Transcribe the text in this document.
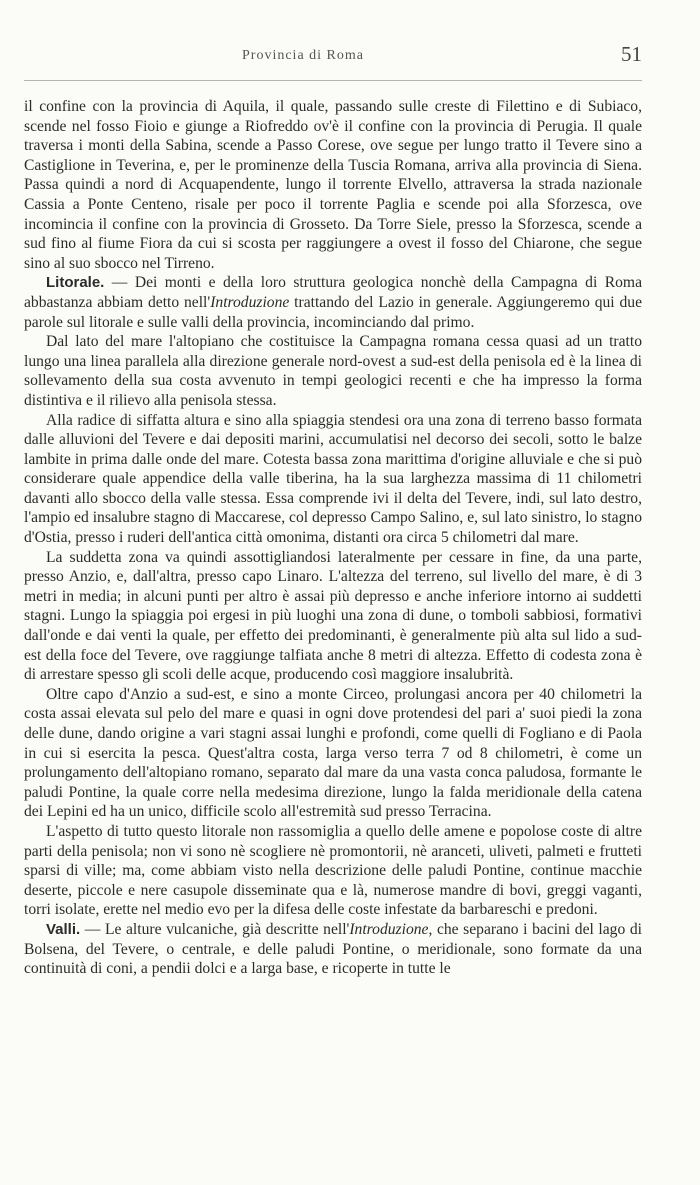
Provincia di Roma	51

il confine con la provincia di Aquila, il quale, passando sulle creste di Filettino e di Subiaco, scende nel fosso Fioio e giunge a Riofreddo ov'è il confine con la provincia di Perugia. Il quale traversa i monti della Sabina, scende a Passo Corese, ove segue per lungo tratto il Tevere sino a Castiglione in Teverina, e, per le prominenze della Tuscia Romana, arriva alla provincia di Siena. Passa quindi a nord di Acquapendente, lungo il torrente Elvello, attraversa la strada nazionale Cassia a Ponte Centeno, risale per poco il torrente Paglia e scende poi alla Sforzesca, ove incomincia il confine con la provincia di Grosseto. Da Torre Siele, presso la Sforzesca, scende a sud fino al fiume Fiora da cui si scosta per raggiungere a ovest il fosso del Chiarone, che segue sino al suo sbocco nel Tirreno.

Litorale. — Dei monti e della loro struttura geologica nonchè della Campagna di Roma abbastanza abbiam detto nell'Introduzione trattando del Lazio in generale. Aggiungeremo qui due parole sul litorale e sulle valli della provincia, incominciando dal primo.

Dal lato del mare l'altopiano che costituisce la Campagna romana cessa quasi ad un tratto lungo una linea parallela alla direzione generale nord-ovest a sud-est della penisola ed è la linea di sollevamento della sua costa avvenuto in tempi geologici recenti e che ha impresso la forma distintiva e il rilievo alla penisola stessa.

Alla radice di siffatta altura e sino alla spiaggia stendesi ora una zona di terreno basso formata dalle alluvioni del Tevere e dai depositi marini, accumulatisi nel decorso dei secoli, sotto le balze lambite in prima dalle onde del mare. Cotesta bassa zona marittima d'origine alluviale e che si può considerare quale appendice della valle tiberina, ha la sua larghezza massima di 11 chilometri davanti allo sbocco della valle stessa. Essa comprende ivi il delta del Tevere, indi, sul lato destro, l'ampio ed insalubre stagno di Maccarese, col depresso Campo Salino, e, sul lato sinistro, lo stagno d'Ostia, presso i ruderi dell'antica città omonima, distanti ora circa 5 chilometri dal mare.

La suddetta zona va quindi assottigliandosi lateralmente per cessare in fine, da una parte, presso Anzio, e, dall'altra, presso capo Linaro. L'altezza del terreno, sul livello del mare, è di 3 metri in media; in alcuni punti per altro è assai più depresso e anche inferiore intorno ai suddetti stagni. Lungo la spiaggia poi ergesi in più luoghi una zona di dune, o tomboli sabbiosi, formativi dall'onde e dai venti la quale, per effetto dei predominanti, è generalmente più alta sul lido a sud-est della foce del Tevere, ove raggiunge talfiata anche 8 metri di altezza. Effetto di codesta zona è di arrestare spesso gli scoli delle acque, producendo così maggiore insalubrità.

Oltre capo d'Anzio a sud-est, e sino a monte Circeo, prolungasi ancora per 40 chilometri la costa assai elevata sul pelo del mare e quasi in ogni dove protendesi del pari a' suoi piedi la zona delle dune, dando origine a vari stagni assai lunghi e profondi, come quelli di Fogliano e di Paola in cui si esercita la pesca. Quest'altra costa, larga verso terra 7 od 8 chilometri, è come un prolungamento dell'altopiano romano, separato dal mare da una vasta conca paludosa, formante le paludi Pontine, la quale corre nella medesima direzione, lungo la falda meridionale della catena dei Lepini ed ha un unico, difficile scolo all'estremità sud presso Terracina.

L'aspetto di tutto questo litorale non rassomiglia a quello delle amene e popolose coste di altre parti della penisola; non vi sono nè scogliere nè promontorii, nè aranceti, uliveti, palmeti e frutteti sparsi di ville; ma, come abbiam visto nella descrizione delle paludi Pontine, continue macchie deserte, piccole e nere casupole disseminate qua e là, numerose mandre di bovi, greggi vaganti, torri isolate, erette nel medio evo per la difesa delle coste infestate da barbareschi e predoni.

Valli. — Le alture vulcaniche, già descritte nell'Introduzione, che separano i bacini del lago di Bolsena, del Tevere, o centrale, e delle paludi Pontine, o meridionale, sono formate da una continuità di coni, a pendii dolci e a larga base, e ricoperte in tutte le
